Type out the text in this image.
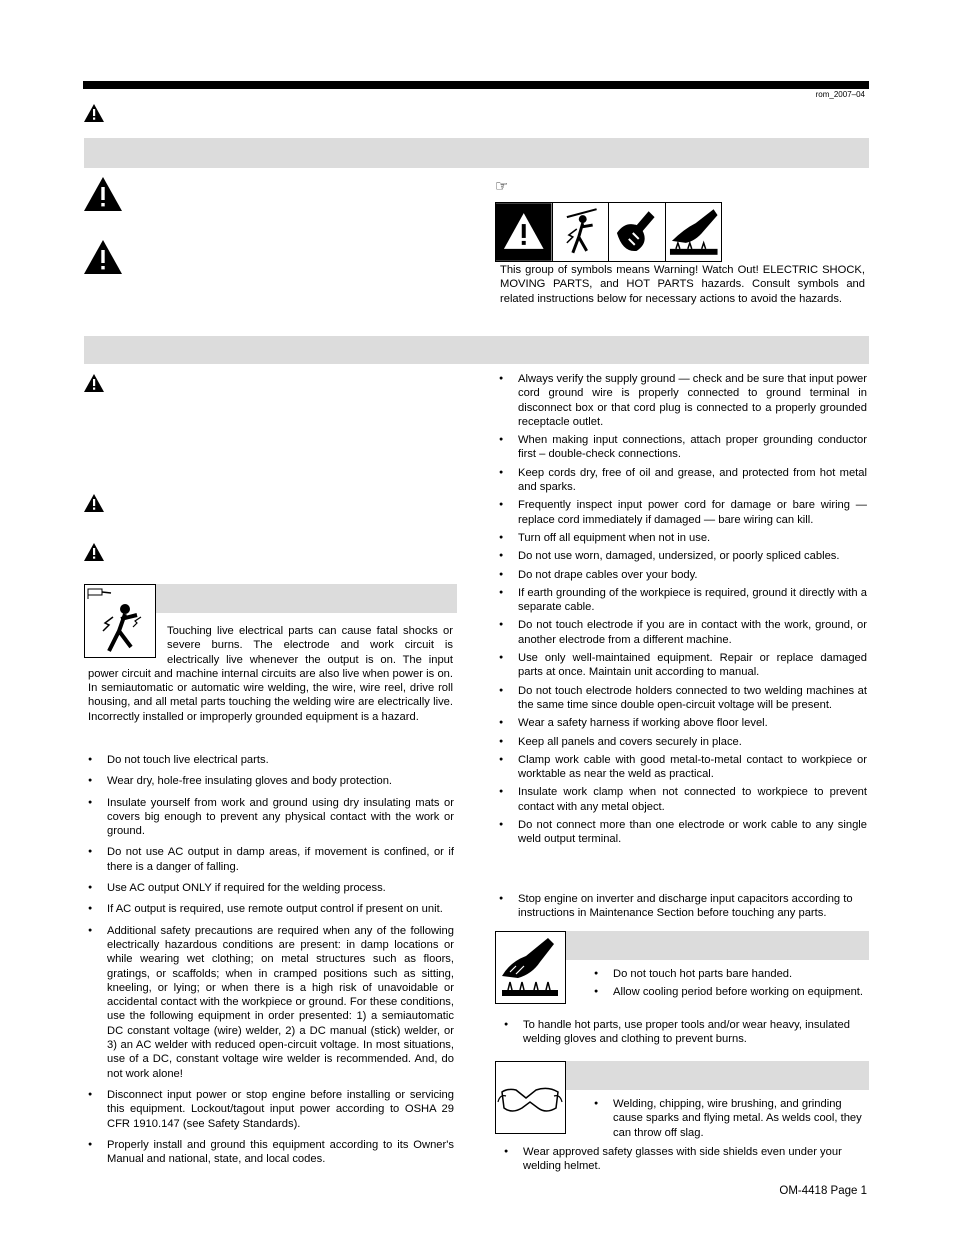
rom_2007–04
☞
This group of symbols means Warning! Watch Out! ELECTRIC SHOCK, MOVING PARTS, and HOT PARTS hazards. Consult symbols and related instructions below for necessary actions to avoid the hazards.
Touching live electrical parts can cause fatal shocks or severe burns. The electrode and work circuit is electrically live whenever the output is on. The input power circuit and machine internal circuits are also live when power is on. In semiautomatic or automatic wire welding, the wire, wire reel, drive roll housing, and all metal parts touching the welding wire are electrically live. Incorrectly installed or improperly grounded equipment is a hazard.
● Do not touch live electrical parts.
● Wear dry, hole-free insulating gloves and body protection.
● Insulate yourself from work and ground using dry insulating mats or covers big enough to prevent any physical contact with the work or ground.
● Do not use AC output in damp areas, if movement is confined, or if there is a danger of falling.
● Use AC output ONLY if required for the welding process.
● If AC output is required, use remote output control if present on unit.
● Additional safety precautions are required when any of the following electrically hazardous conditions are present: in damp locations or while wearing wet clothing; on metal structures such as floors, gratings, or scaffolds; when in cramped positions such as sitting, kneeling, or lying; or when there is a high risk of unavoidable or accidental contact with the workpiece or ground. For these conditions, use the following equipment in order presented: 1) a semiautomatic DC constant voltage (wire) welder, 2) a DC manual (stick) welder, or 3) an AC welder with reduced open-circuit voltage. In most situations, use of a DC, constant voltage wire welder is recommended. And, do not work alone!
● Disconnect input power or stop engine before installing or servicing this equipment. Lockout/tagout input power according to OSHA 29 CFR 1910.147 (see Safety Standards).
● Properly install and ground this equipment according to its Owner's Manual and national, state, and local codes.
● Always verify the supply ground — check and be sure that input power cord ground wire is properly connected to ground terminal in disconnect box or that cord plug is connected to a properly grounded receptacle outlet.
● When making input connections, attach proper grounding conductor first – double-check connections.
● Keep cords dry, free of oil and grease, and protected from hot metal and sparks.
● Frequently inspect input power cord for damage or bare wiring — replace cord immediately if damaged — bare wiring can kill.
● Turn off all equipment when not in use.
● Do not use worn, damaged, undersized, or poorly spliced cables.
● Do not drape cables over your body.
● If earth grounding of the workpiece is required, ground it directly with a separate cable.
● Do not touch electrode if you are in contact with the work, ground, or another electrode from a different machine.
● Use only well-maintained equipment. Repair or replace damaged parts at once. Maintain unit according to manual.
● Do not touch electrode holders connected to two welding machines at the same time since double open-circuit voltage will be present.
● Wear a safety harness if working above floor level.
● Keep all panels and covers securely in place.
● Clamp work cable with good metal-to-metal contact to workpiece or worktable as near the weld as practical.
● Insulate work clamp when not connected to workpiece to prevent contact with any metal object.
● Do not connect more than one electrode or work cable to any single weld output terminal.
● Stop engine on inverter and discharge input capacitors according to instructions in Maintenance Section before touching any parts.
● Do not touch hot parts bare handed.
● Allow cooling period before working on equipment.
● To handle hot parts, use proper tools and/or wear heavy, insulated welding gloves and clothing to prevent burns.
● Welding, chipping, wire brushing, and grinding cause sparks and flying metal. As welds cool, they can throw off slag.
● Wear approved safety glasses with side shields even under your welding helmet.
OM-4418 Page 1
